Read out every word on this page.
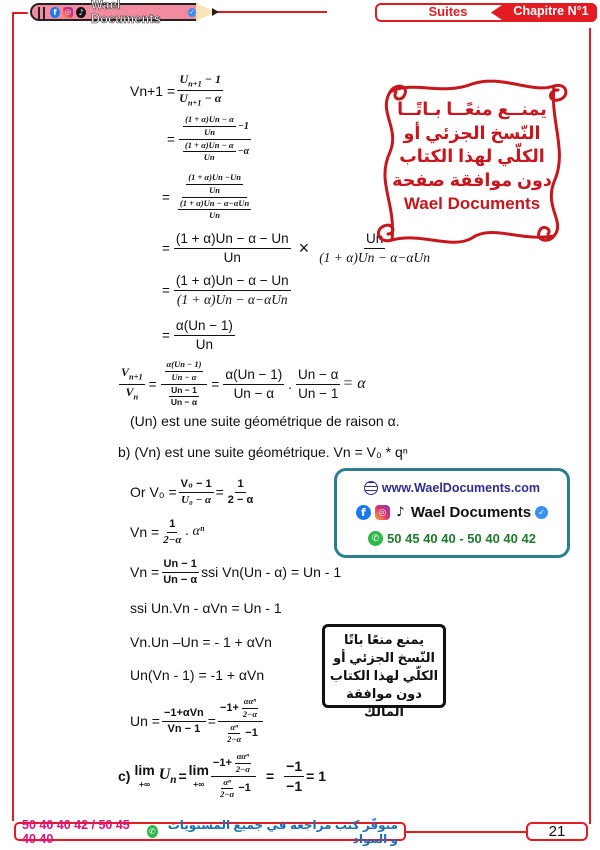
f	◎ ♪ Wael Documents	✓	Suites	Chapitre N°1
$Vn+1 = \frac{U_{n+1} - 1}{U_{n+1} - \alpha}$
= $\frac{\frac{(1 + \alpha)Un - \alpha}{Un} -1}{\frac{(1 + \alpha)Un - \alpha}{Un} -\alpha}$
= $\frac{\frac{(1 + \alpha)Un -Un}{Un}}{\frac{\text{(1 + α)Un − α−αUn}}{Un}}$
= $\frac{(1 + \alpha)Un - \alpha - Un}{Un} \times \frac{Un}{\text{(1 + α)Un − α−αUn}}$
= $\frac{(1 + \alpha)Un - \alpha - Un}{\text{(1 + α)Un − α−αUn}}$
= $\frac{\alpha(Un - 1)}{Un}$
$\frac{V_{n+1}}{V_n} = \frac{\frac{\alpha(Un - 1)}{Un - \alpha}}{\frac{Un - 1}{Un - \alpha}} = \frac{\alpha(Un - 1)}{Un - \alpha}$ . $\frac{Un - \alpha}{Un - 1} = \alpha$
(Un) est une suite géométrique de raison α.
b) (Vn) est une suite géométrique. Vn = V₀ * qⁿ
Or $V_0 = \frac{\text{V₀ − 1}}{\text{U₀ − α}} = \frac{1}{2 - \alpha}$
$Vn = \frac{1}{2-\alpha}$ . αⁿ
$Vn = \frac{Un - 1}{Un - \alpha}$ ssi Vn(Un - α) = Un - 1
ssi Un.Vn - αVn = Un - 1
Vn.Un –Un = - 1 + αVn
Un(Vn - 1) = -1 + αVn
$Un = \frac{\text{−1+αVn}}{Vn - 1} = \frac{-1+ \frac{\text{ααⁿ}}{2-\alpha}}{\frac{\text{αⁿ}}{2-\alpha} -1}$
c) lim
+∞
$U_n = \lim$
+∞ $\frac{-1+ \frac{\text{ααⁿ}}{2-\alpha}}{\frac{\text{αⁿ}}{2-\alpha} -1} = \frac{-1}{-1} = 1$
يمنــع منعًــا بـاتًــا
النّسخ الجزئي أو
الكلّي لهذا الكتاب
دون موافقة صفحة
Wael Documents
www.WaelDocuments.com
f	◎ ♪ Wael Documents ✓
✆ 50 45 40 40 - 50 40 40 42
يمنع منعًا باتًا
النّسخ الجزئي أو
الكلّي لهذا الكتاب
دون موافقة المالك
50 40 40 42 / 50 45 40 40	✆	متوفّر كتب مراجعة في جميع المستويات و المواد	21
